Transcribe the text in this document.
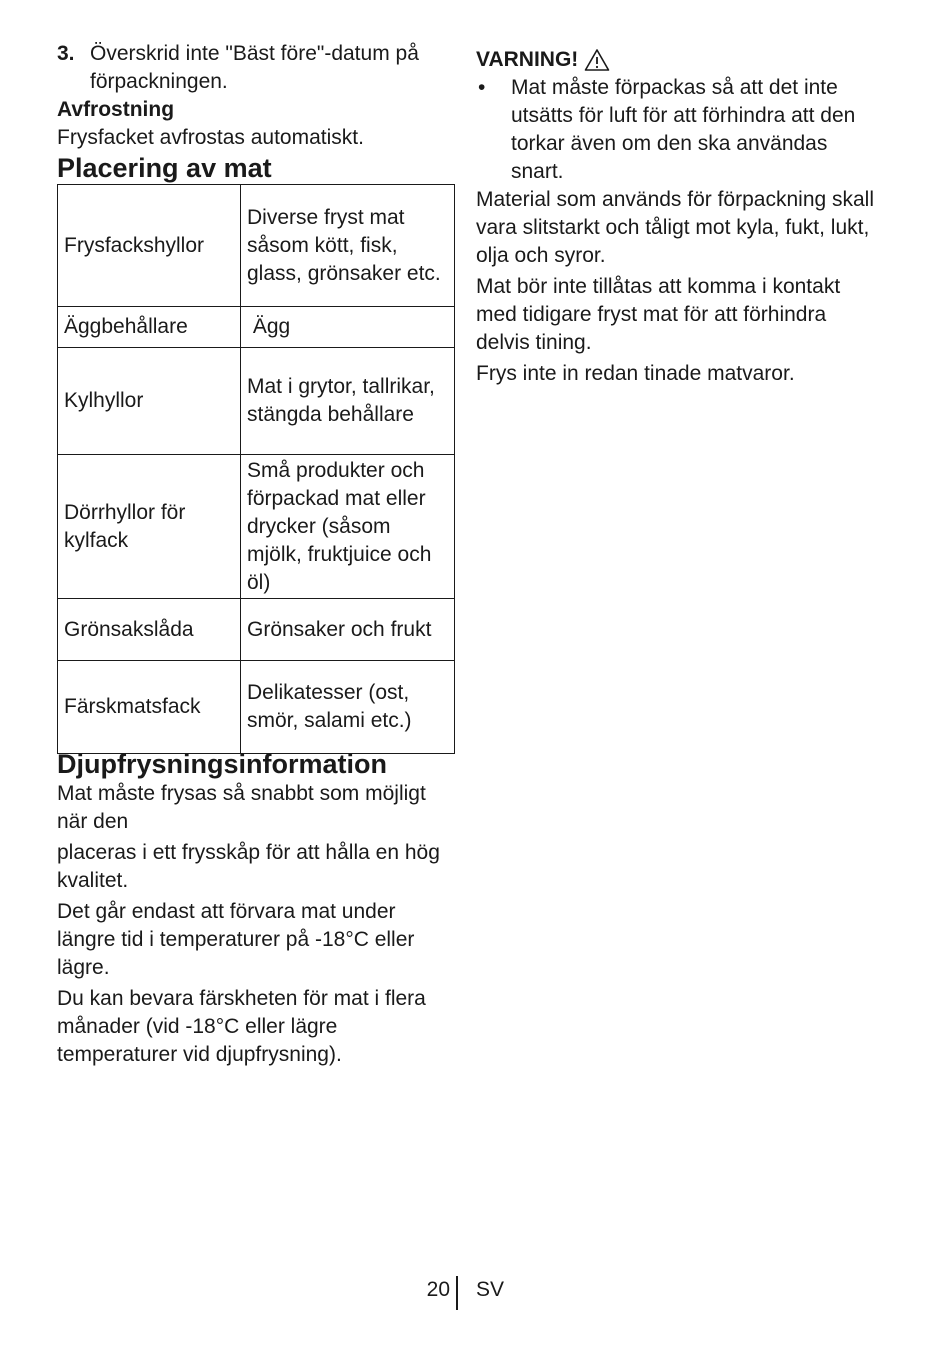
3. Överskrid inte "Bäst före"-datum på förpackningen.

Avfrostning

Frysfacket avfrostas automatiskt.

Placering av mat

Frysfackshyllor	Diverse fryst mat såsom kött, fisk, glass, grönsaker etc.
Äggbehållare	Ägg
Kylhyllor	Mat i grytor, tallrikar, stängda behållare
Dörrhyllor för kylfack	Små produkter och förpackad mat eller drycker (såsom mjölk, fruktjuice och öl)
Grönsakslåda	Grönsaker och frukt
Färskmatsfack	Delikatesser (ost, smör, salami etc.)

Djupfrysningsinformation

Mat måste frysas så snabbt som möjligt när den

placeras i ett frysskåp för att hålla en hög kvalitet.

Det går endast att förvara mat under längre tid i temperaturer på -18°C eller lägre.

Du kan bevara färskheten för mat i flera månader (vid -18°C eller lägre temperaturer vid djupfrysning).

VARNING!

•	Mat måste förpackas så att det inte utsätts för luft för att förhindra att den torkar även om den ska användas snart.

Material som används för förpackning skall vara slitstarkt och tåligt mot kyla, fukt, lukt, olja och syror.

Mat bör inte tillåtas att komma i kontakt med tidigare fryst mat för att förhindra delvis tining.

Frys inte in redan tinade matvaror.

20 SV
